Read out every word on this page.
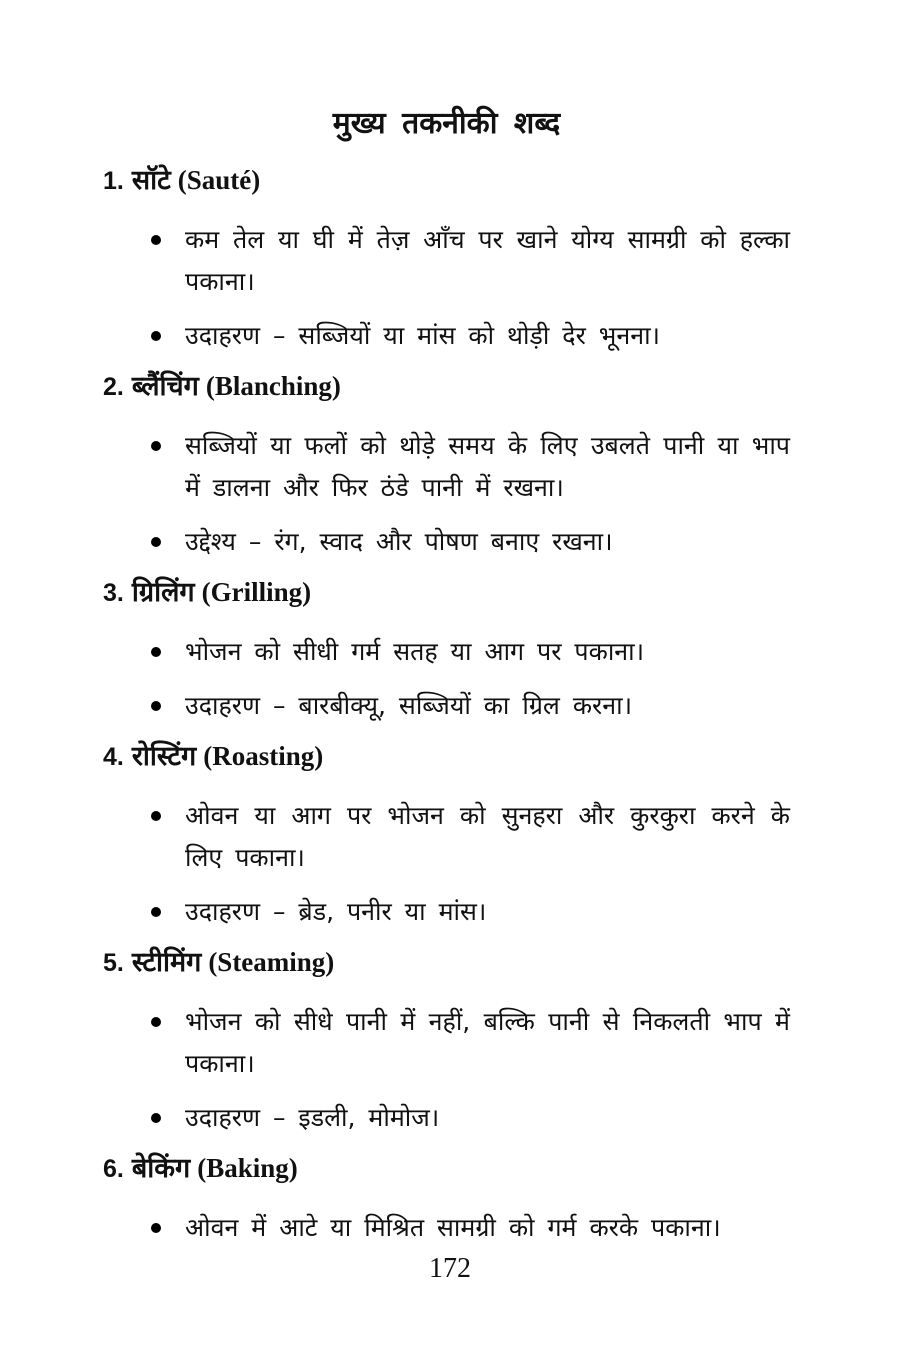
मुख्य तकनीकी शब्द
1. सॉटे (Sauté)
कम तेल या घी में तेज़ आँच पर खाने योग्य सामग्री को हल्का पकाना।
उदाहरण – सब्जियों या मांस को थोड़ी देर भूनना।
2. ब्लैंचिंग (Blanching)
सब्जियों या फलों को थोड़े समय के लिए उबलते पानी या भाप में डालना और फिर ठंडे पानी में रखना।
उद्देश्य – रंग, स्वाद और पोषण बनाए रखना।
3. ग्रिलिंग (Grilling)
भोजन को सीधी गर्म सतह या आग पर पकाना।
उदाहरण – बारबीक्यू, सब्जियों का ग्रिल करना।
4. रोस्टिंग (Roasting)
ओवन या आग पर भोजन को सुनहरा और कुरकुरा करने के लिए पकाना।
उदाहरण – ब्रेड, पनीर या मांस।
5. स्टीमिंग (Steaming)
भोजन को सीधे पानी में नहीं, बल्कि पानी से निकलती भाप में पकाना।
उदाहरण – इडली, मोमोज।
6. बेकिंग (Baking)
ओवन में आटे या मिश्रित सामग्री को गर्म करके पकाना।
172
